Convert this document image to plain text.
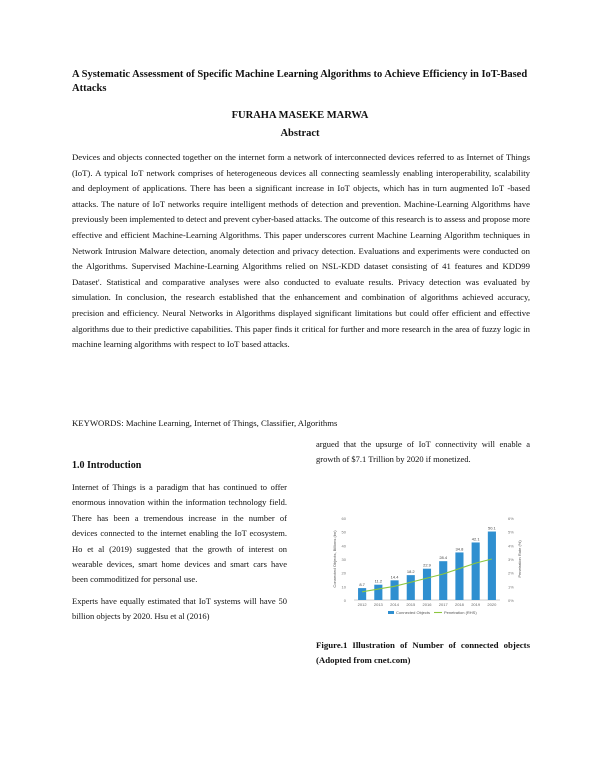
A Systematic Assessment of Specific Machine Learning Algorithms to Achieve Efficiency in IoT-Based Attacks

FURAHA MASEKE MARWA

Abstract

Devices and objects connected together on the internet form a network of interconnected devices referred to as Internet of Things (IoT). A typical IoT network comprises of heterogeneous devices all connecting seamlessly enabling interoperability, scalability and deployment of applications. There has been a significant increase in IoT objects, which has in turn augmented IoT -based attacks. The nature of IoT networks require intelligent methods of detection and prevention. Machine-Learning Algorithms have previously been implemented to detect and prevent cyber-based attacks. The outcome of this research is to assess and propose more effective and efficient Machine-Learning Algorithms. This paper underscores current Machine Learning Algorithm techniques in Network Intrusion Malware detection, anomaly detection and privacy detection. Evaluations and experiments were conducted on the Algorithms. Supervised Machine-Learning Algorithms relied on NSL-KDD dataset consisting of 41 features and KDD99 Dataset'. Statistical and comparative analyses were also conducted to evaluate results. Privacy detection was evaluated by simulation. In conclusion, the research established that the enhancement and combination of algorithms achieved accuracy, precision and efficiency. Neural Networks in Algorithms displayed significant limitations but could offer efficient and effective algorithms due to their predictive capabilities. This paper finds it critical for further and more research in the area of fuzzy logic in machine learning algorithms with respect to IoT based attacks.

KEYWORDS: Machine Learning, Internet of Things, Classifier, Algorithms

1.0 Introduction

Internet of Things is a paradigm that has continued to offer enormous innovation within the information technology field. There has been a tremendous increase in the number of devices connected to the internet enabling the IoT ecosystem. Ho et al (2019) suggested that the growth of interest on wearable devices, smart home devices and smart cars have been commoditized for personal use.

Experts have equally estimated that IoT systems will have 50 billion objects by 2020. Hsu et al (2016)

argued that the upsurge of IoT connectivity will enable a growth of $7.1 Trillion by 2020 if monetized.

0
10
20
30
40
50
60
0%
1%
2%
3%
4%
5%
6%
Connected Objects, Billions (bn)	Penetration Rate (%)
8.7
2012
11.2
2013
14.4
2014
18.2
2015
22.9
2016
28.4
2017
34.8
2018
42.1
2019
50.1
2020
Connected Objects	Penetration (RHS)

Figure.1 Illustration of Number of connected objects (Adopted from cnet.com)
